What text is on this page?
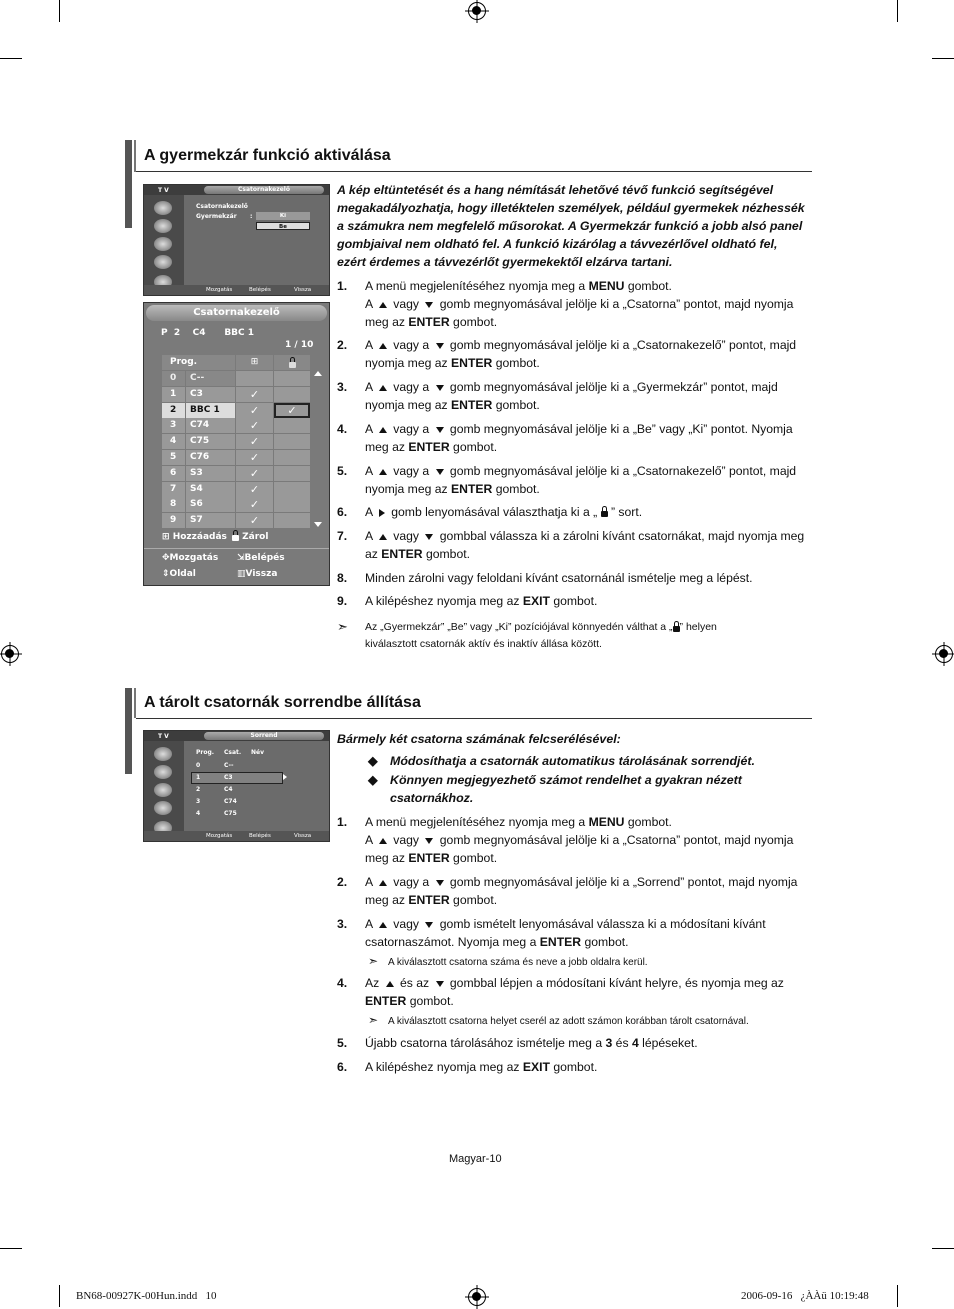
A gyermekzár funkció aktiválása
T V	Csatornakezelő
Csatornakezelő
Gyermekzár :	Ki
Be
Mozgatás	Belépés	Vissza
Csatornakezelő
P  2    C4      BBC 1
1 / 10
Prog.	⊞
0	C--
1	C3	✓
2	BBC 1	✓	✓
3	C74	✓
4	C75	✓
5	C76	✓
6	S3	✓
7	S4	✓
8	S6	✓
9	S7	✓
⊞ Hozzáadás	Zárol
✥Mozgatás ⇲Belépés
⇕Oldal	▥Vissza
A kép eltüntetését és a hang némítását lehetővé tévő funkció segítségével megakadályozhatja, hogy illetéktelen személyek, például gyermekek nézhessék a számukra nem megfelelő műsorokat. A Gyermekzár funkció a jobb alsó panel gombjaival nem oldható fel. A funkció kizárólag a távvezérlővel oldható fel, ezért érdemes a távvezérlőt gyermekektől elzárva tartani.
1. A menü megjelenítéséhez nyomja meg a MENU gombot.
A  vagy  gomb megnyomásával jelölje ki a „Csatorna” pontot, majd nyomja meg az ENTER gombot.
2. A  vagy a  gomb megnyomásával jelölje ki a „Csatornakezelő” pontot, majd nyomja meg az ENTER gombot.
3. A  vagy a  gomb megnyomásával jelölje ki a „Gyermekzár” pontot, majd nyomja meg az ENTER gombot.
4. A  vagy a  gomb megnyomásával jelölje ki a „Be” vagy „Ki” pontot. Nyomja meg az ENTER gombot.
5. A  vagy a  gomb megnyomásával jelölje ki a „Csatornakezelő” pontot, majd nyomja meg az ENTER gombot.
6. A  gomb lenyomásával választhatja ki a „  ” sort.
7. A  vagy  gombbal válassza ki a zárolni kívánt csatornákat, majd nyomja meg az ENTER gombot.
8. Minden zárolni vagy feloldani kívánt csatornánál ismételje meg a lépést.
9. A kilépéshez nyomja meg az EXIT gombot.
➣ Az „Gyermekzár” „Be” vagy „Ki” pozíciójával könnyedén válthat a „ ” helyen kiválasztott csatornák aktív és inaktív állása között.
A tárolt csatornák sorrendbe állítása
T V	Sorrend
Prog. Csat. Név
0	C--
1	C3
2	C4
3	C74
4	C75
Mozgatás	Belépés	Vissza
Bármely két csatorna számának felcserélésével:
◆ Módosíthatja a csatornák automatikus tárolásának sorrendjét.
◆ Könnyen megjegyezhető számot rendelhet a gyakran nézett csatornákhoz.
1. A menü megjelenítéséhez nyomja meg a MENU gombot.
A  vagy  gomb megnyomásával jelölje ki a „Csatorna” pontot, majd nyomja meg az ENTER gombot.
2. A  vagy a  gomb megnyomásával jelölje ki a „Sorrend” pontot, majd nyomja meg az ENTER gombot.
3. A  vagy  gomb ismételt lenyomásával válassza ki a módosítani kívánt csatornaszámot. Nyomja meg a ENTER gombot.
4. Az  és az  gombbal lépjen a módosítani kívánt helyre, és nyomja meg az ENTER gombot.
5. Újabb csatorna tárolásához ismételje meg a 3 és 4 lépéseket.
6. A kilépéshez nyomja meg az EXIT gombot.
➣ A kiválasztott csatorna száma és neve a jobb oldalra kerül.
➣ A kiválasztott csatorna helyet cserél az adott számon korábban tárolt csatornával.
Magyar-10
BN68-00927K-00Hun.indd   10	2006-09-16   ¿ÀÀü 10:19:48
